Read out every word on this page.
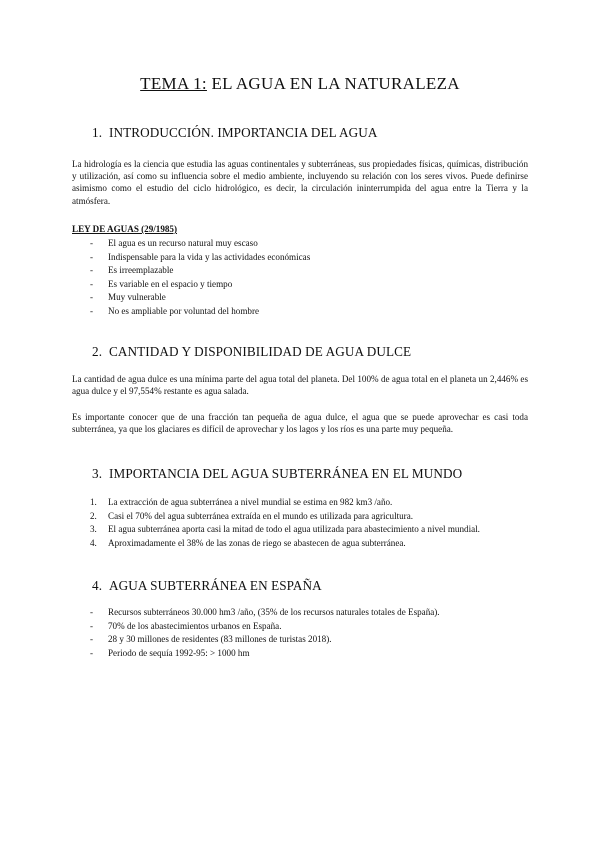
TEMA 1: EL AGUA EN LA NATURALEZA
1. INTRODUCCIÓN. IMPORTANCIA DEL AGUA

La hidrología es la ciencia que estudia las aguas continentales y subterráneas, sus propiedades físicas, químicas, distribución y utilización, así como su influencia sobre el medio ambiente, incluyendo su relación con los seres vivos. Puede definirse asimismo como el estudio del ciclo hidrológico, es decir, la circulación ininterrumpida del agua entre la Tierra y la atmósfera.

LEY DE AGUAS (29/1985)
- El agua es un recurso natural muy escaso
- Indispensable para la vida y las actividades económicas
- Es irreemplazable
- Es variable en el espacio y tiempo
- Muy vulnerable
- No es ampliable por voluntad del hombre
2. CANTIDAD Y DISPONIBILIDAD DE AGUA DULCE

La cantidad de agua dulce es una mínima parte del agua total del planeta. Del 100% de agua total en el planeta un 2,446% es agua dulce y el 97,554% restante es agua salada.

Es importante conocer que de una fracción tan pequeña de agua dulce, el agua que se puede aprovechar es casi toda subterránea, ya que los glaciares es difícil de aprovechar y los lagos y los ríos es una parte muy pequeña.

3. IMPORTANCIA DEL AGUA SUBTERRÁNEA EN EL MUNDO
1. La extracción de agua subterránea a nivel mundial se estima en 982 km3 /año.
2. Casi el 70% del agua subterránea extraída en el mundo es utilizada para agricultura.
3. El agua subterránea aporta casi la mitad de todo el agua utilizada para abastecimiento a nivel mundial.
4. Aproximadamente el 38% de las zonas de riego se abastecen de agua subterránea.
4. AGUA SUBTERRÁNEA EN ESPAÑA
- Recursos subterráneos 30.000 hm3 /año, (35% de los recursos naturales totales de España).
- 70% de los abastecimientos urbanos en España.
- 28 y 30 millones de residentes (83 millones de turistas 2018).
- Periodo de sequía 1992-95: > 1000 hm
